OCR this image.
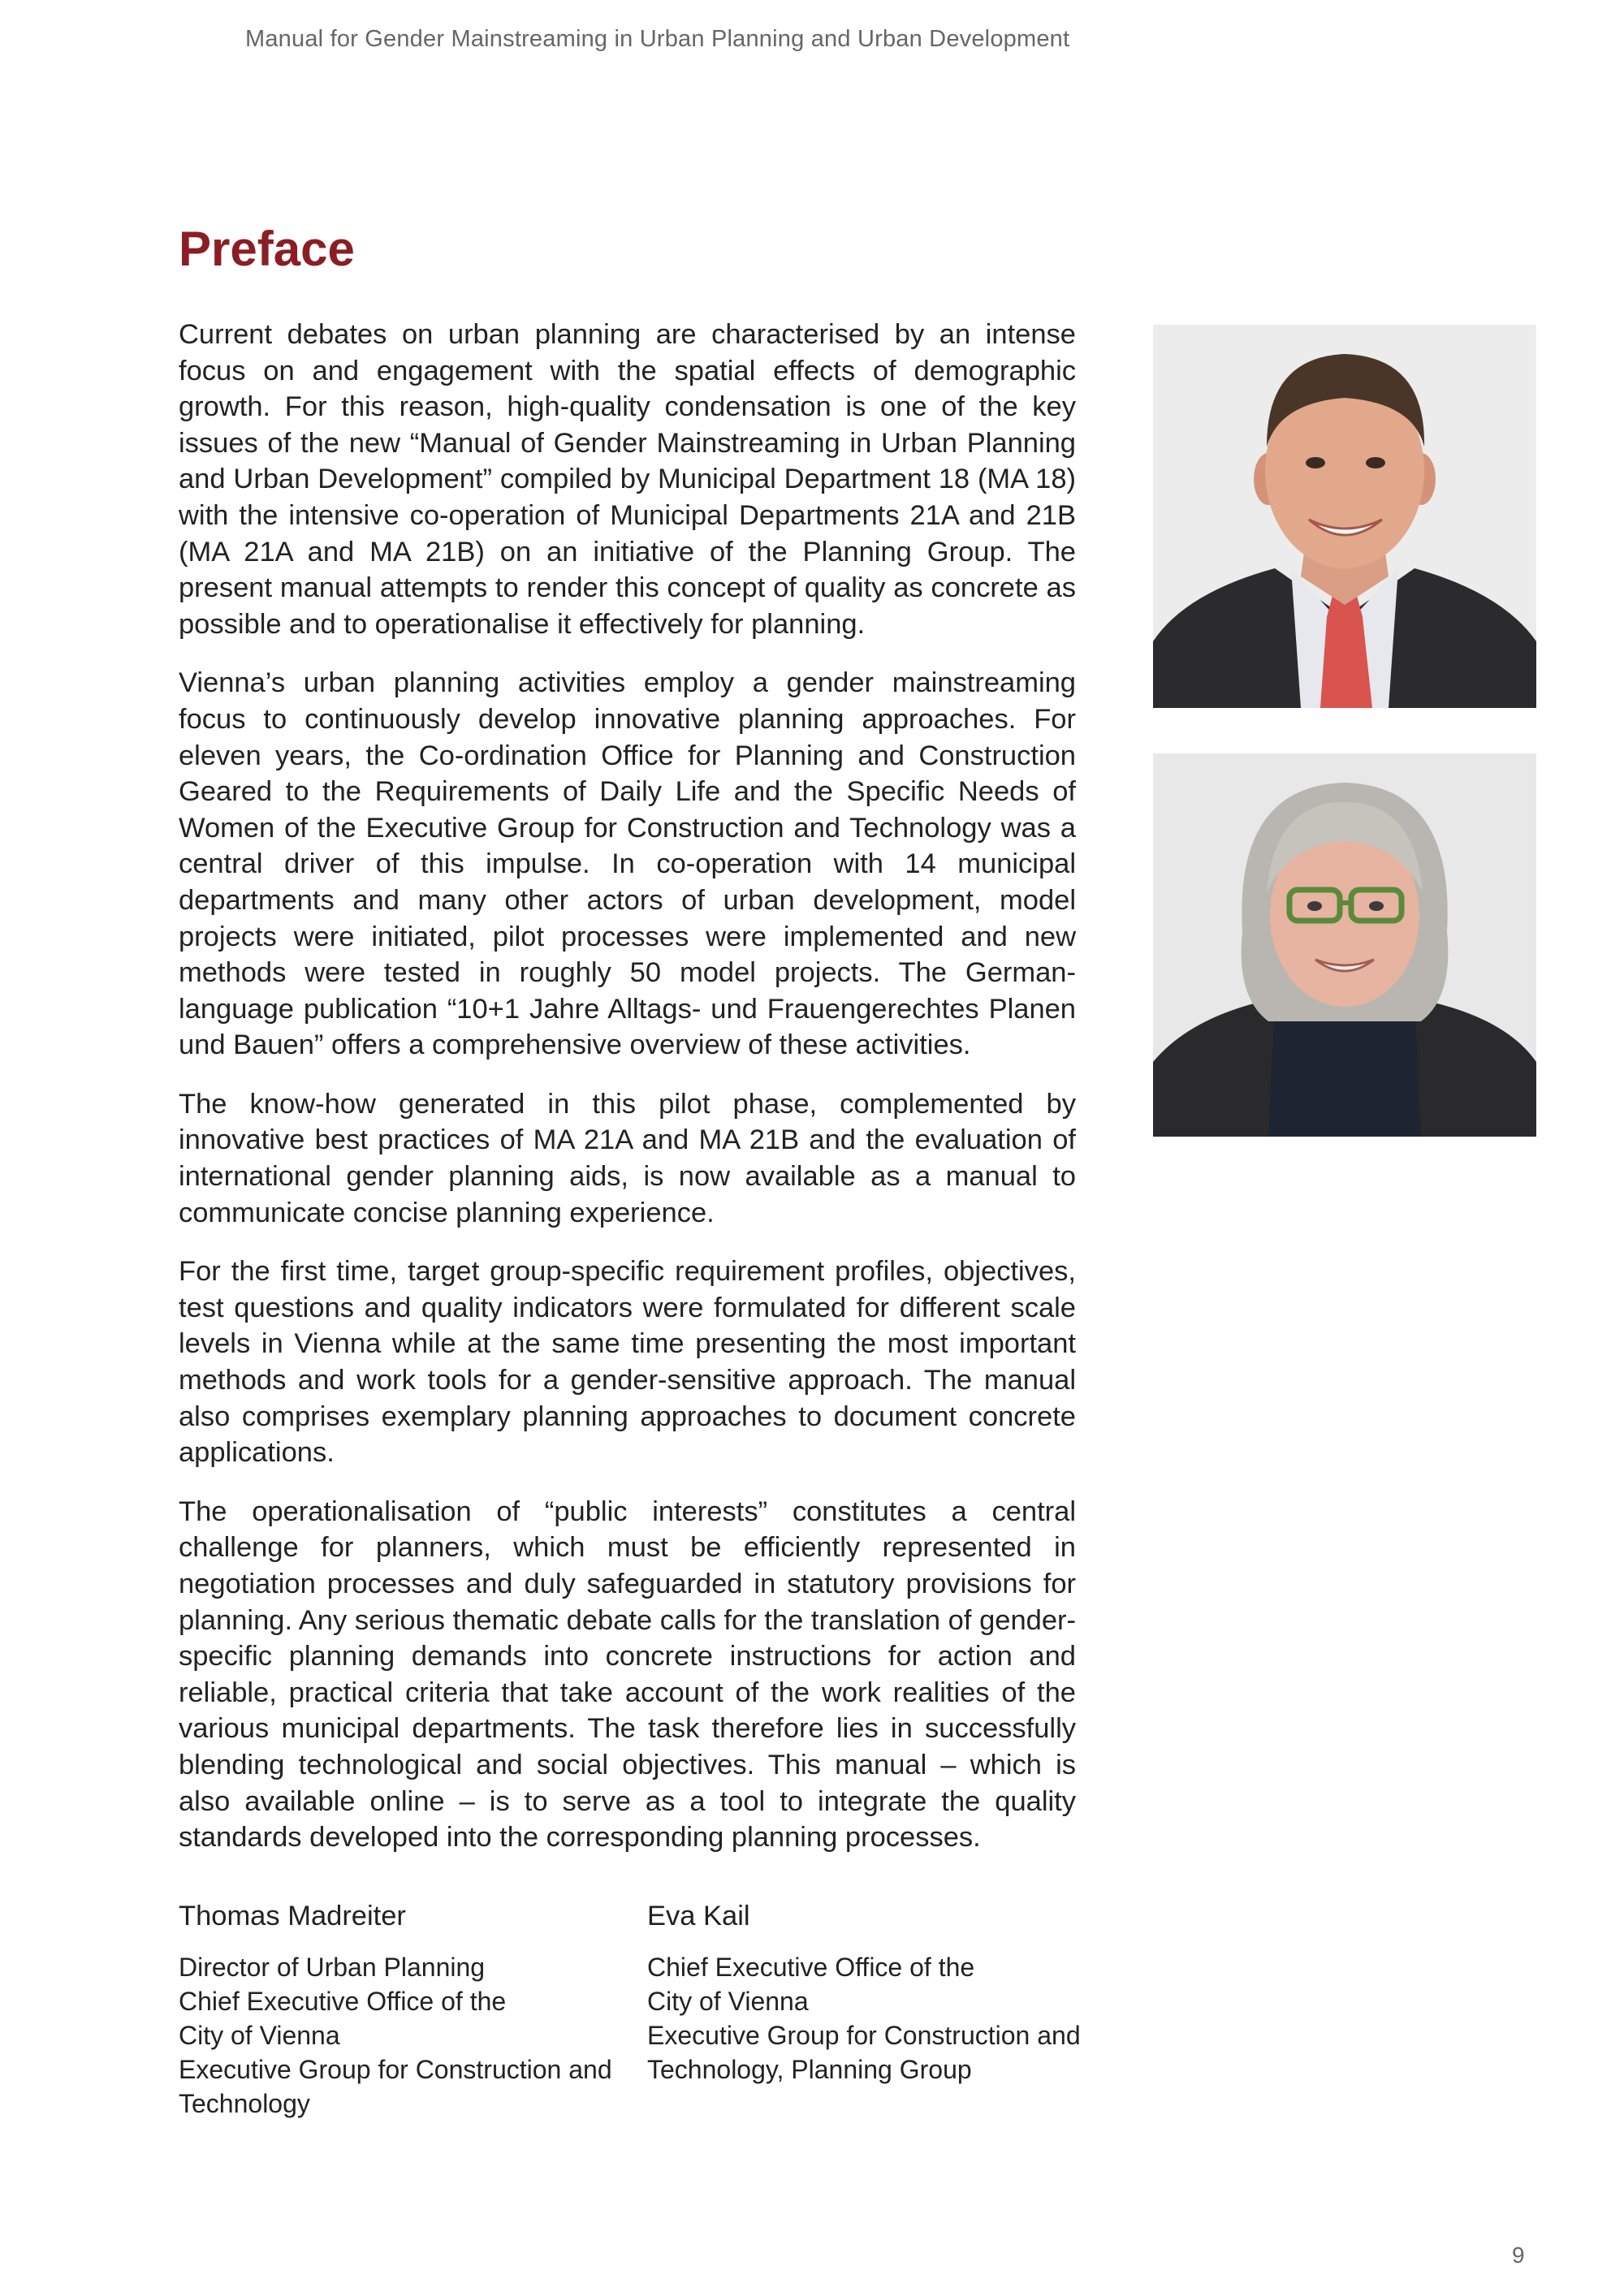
Manual for Gender Mainstreaming in Urban Planning and Urban Development
Preface

Current debates on urban planning are characterised by an intense focus on and engagement with the spatial effects of demographic growth. For this reason, high-quality condensation is one of the key issues of the new “Manual of Gender Mainstreaming in Urban Planning and Urban Development” compiled by Municipal Department 18 (MA 18) with the intensive co-operation of Municipal Departments 21A and 21B (MA 21A and MA 21B) on an initiative of the Planning Group. The present manual attempts to render this concept of quality as concrete as possible and to operationalise it effectively for planning.

Vienna’s urban planning activities employ a gender mainstreaming focus to continuously develop innovative planning approaches. For eleven years, the Co-ordination Office for Planning and Construction Geared to the Requirements of Daily Life and the Specific Needs of Women of the Executive Group for Construction and Technology was a central driver of this impulse. In co-operation with 14 municipal departments and many other actors of urban development, model projects were initiated, pilot processes were implemented and new methods were tested in roughly 50 model projects. The German-language publication “10+1 Jahre Alltags- und Frauengerechtes Planen und Bauen” offers a comprehensive overview of these activities.

The know-how generated in this pilot phase, complemented by innovative best practices of MA 21A and MA 21B and the evaluation of international gender planning aids, is now available as a manual to communicate concise planning experience.

For the first time, target group-specific requirement profiles, objectives, test questions and quality indicators were formulated for different scale levels in Vienna while at the same time presenting the most important methods and work tools for a gender-sensitive approach. The manual also comprises exemplary planning approaches to document concrete applications.

The operationalisation of “public interests” constitutes a central challenge for planners, which must be efficiently represented in negotiation processes and duly safeguarded in statutory provisions for planning. Any serious thematic debate calls for the translation of gender-specific planning demands into concrete instructions for action and reliable, practical criteria that take account of the work realities of the various municipal departments. The task therefore lies in successfully blending technological and social objectives. This manual – which is also available online – is to serve as a tool to integrate the quality standards developed into the corresponding planning processes.

Thomas Madreiter

Director of Urban Planning

Chief Executive Office of the

City of Vienna

Executive Group for Construction and

Technology

Eva Kail

Chief Executive Office of the

City of Vienna

Executive Group for Construction and

Technology, Planning Group

9
